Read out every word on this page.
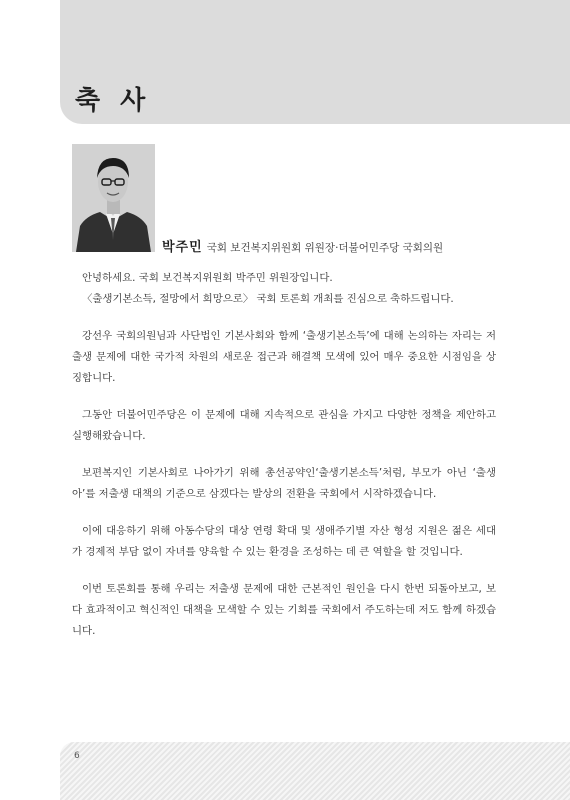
축 사
박주민 국회 보건복지위원회 위원장·더불어민주당 국회의원

안녕하세요. 국회 보건복지위원회 박주민 위원장입니다.
〈출생기본소득, 절망에서 희망으로〉 국회 토론회 개최를 진심으로 축하드립니다.

강선우 국회의원님과 사단법인 기본사회와 함께 ‘출생기본소득’에 대해 논의하는 자리는 저출생 문제에 대한 국가적 차원의 새로운 접근과 해결책 모색에 있어 매우 중요한 시점임을 상징합니다.

그동안 더불어민주당은 이 문제에 대해 지속적으로 관심을 가지고 다양한 정책을 제안하고 실행해왔습니다.

보편복지인 기본사회로 나아가기 위해 총선공약인‘출생기본소득’처럼, 부모가 아닌 ‘출생아’를 저출생 대책의 기준으로 삼겠다는 발상의 전환을 국회에서 시작하겠습니다.

이에 대응하기 위해 아동수당의 대상 연령 확대 및 생애주기별 자산 형성 지원은 젊은 세대가 경제적 부담 없이 자녀를 양육할 수 있는 환경을 조성하는 데 큰 역할을 할 것입니다.

이번 토론회를 통해 우리는 저출생 문제에 대한 근본적인 원인을 다시 한번 되돌아보고, 보다 효과적이고 혁신적인 대책을 모색할 수 있는 기회를 국회에서 주도하는데 저도 함께 하겠습니다.

6
